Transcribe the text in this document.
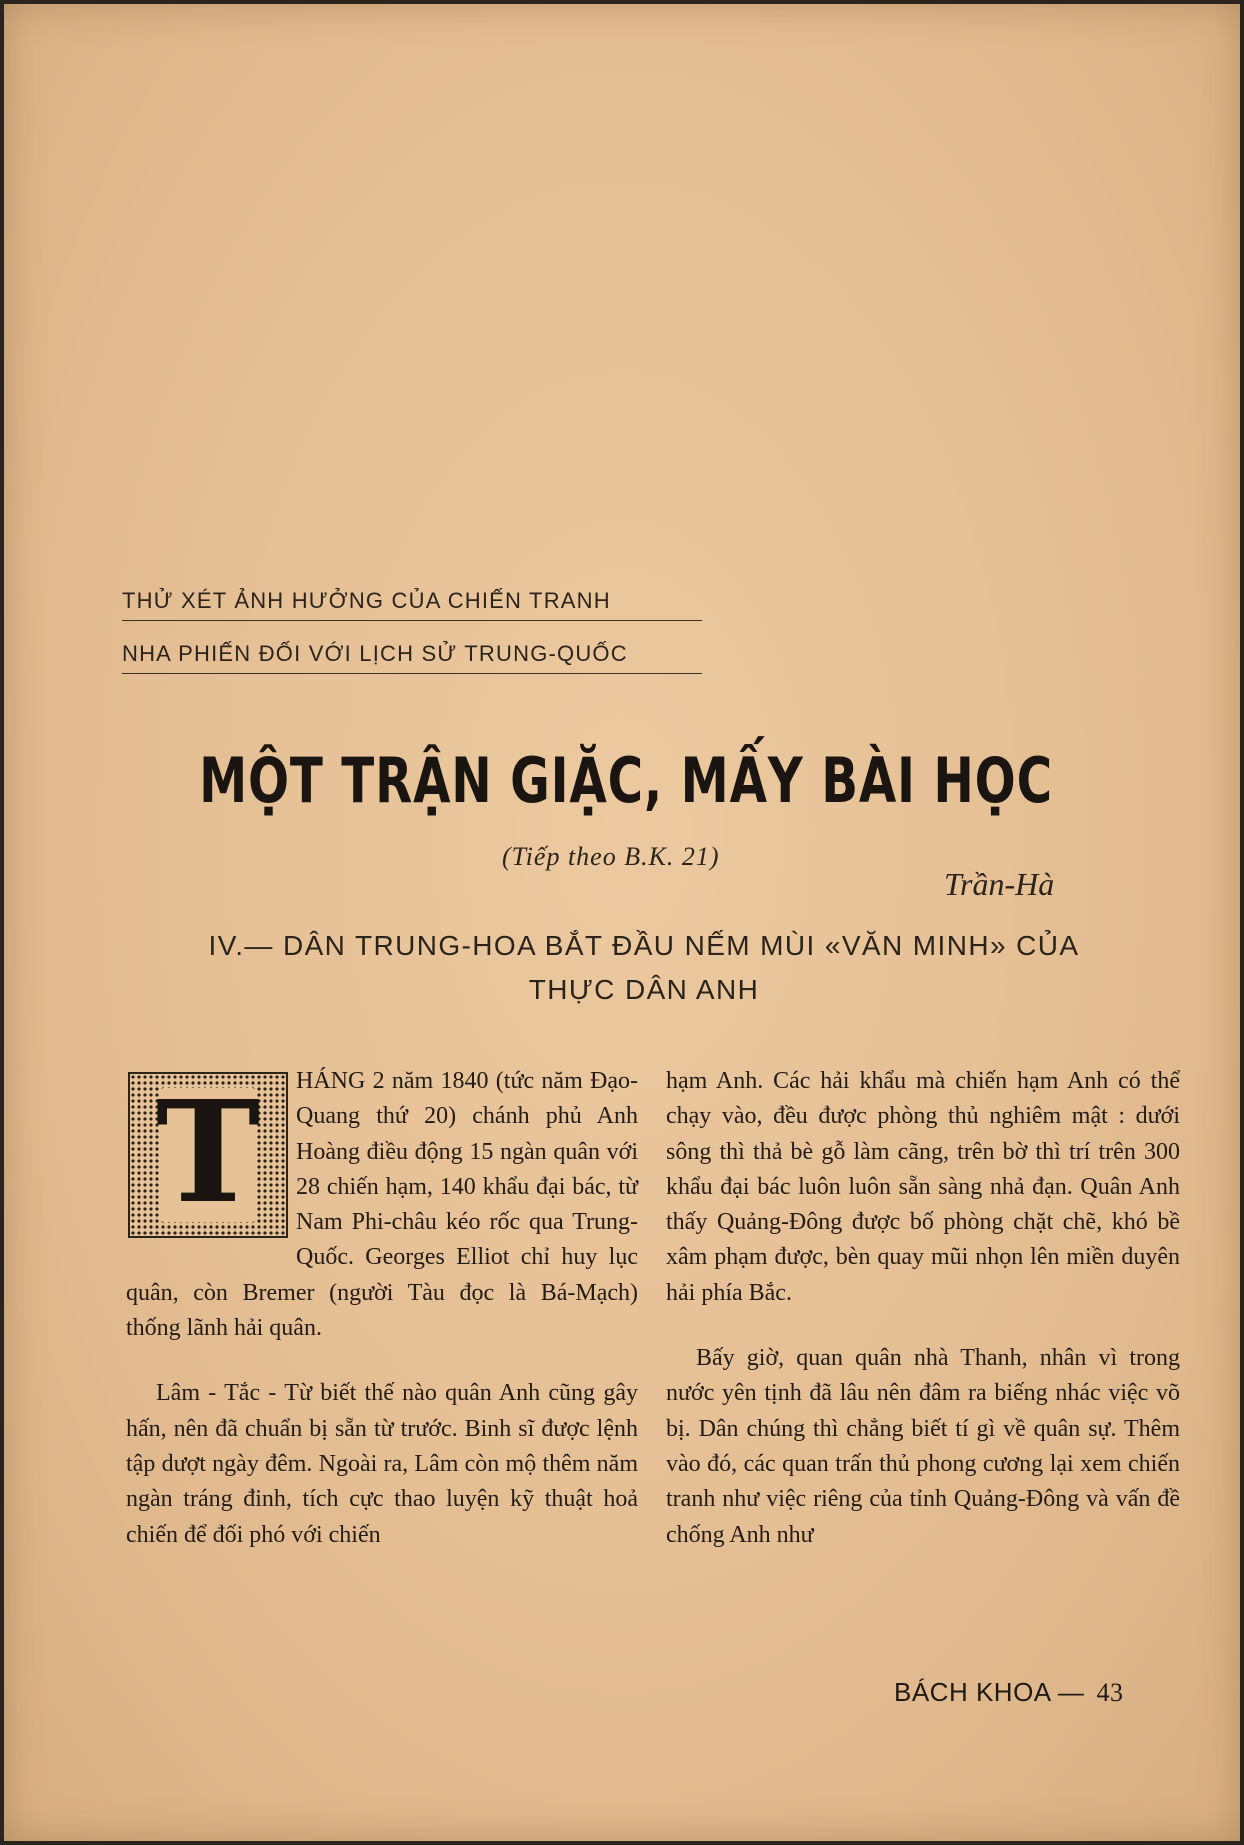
THỬ XÉT ẢNH HƯỞNG CỦA CHIẾN TRANH
NHA PHIẾN ĐỐI VỚI LỊCH SỬ TRUNG-QUỐC
MỘT TRẬN GIẶC, MẤY BÀI HỌC
(Tiếp theo B.K. 21)
Trần-Hà
IV.— DÂN TRUNG-HOA BẮT ĐẦU NẾM MÙI «VĂN MINH» CỦA
THỰC DÂN ANH
T	HÁNG 2 năm 1840 (tức năm Đạo-Quang thứ 20) chánh phủ Anh Hoàng điều động 15 ngàn quân với 28 chiến hạm, 140 khẩu đại bác, từ Nam Phi-châu kéo rốc qua Trung-Quốc. Georges Elliot chỉ huy lục quân, còn Bremer (người Tàu đọc là Bá-Mạch) thống lãnh hải quân.

Lâm - Tắc - Từ biết thế nào quân Anh cũng gây hấn, nên đã chuẩn bị sẵn từ trước. Binh sĩ được lệnh tập dượt ngày đêm. Ngoài ra, Lâm còn mộ thêm năm ngàn tráng đinh, tích cực thao luyện kỹ thuật hoả chiến để đối phó với chiến

hạm Anh. Các hải khẩu mà chiến hạm Anh có thể chạy vào, đều được phòng thủ nghiêm mật : dưới sông thì thả bè gỗ làm cãng, trên bờ thì trí trên 300 khẩu đại bác luôn luôn sẵn sàng nhả đạn. Quân Anh thấy Quảng-Đông được bố phòng chặt chẽ, khó bề xâm phạm được, bèn quay mũi nhọn lên miền duyên hải phía Bắc.

Bấy giờ, quan quân nhà Thanh, nhân vì trong nước yên tịnh đã lâu nên đâm ra biếng nhác việc võ bị. Dân chúng thì chẳng biết tí gì về quân sự. Thêm vào đó, các quan trấn thủ phong cương lại xem chiến tranh như việc riêng của tỉnh Quảng-Đông và vấn đề chống Anh như

BÁCH KHOA — 43
